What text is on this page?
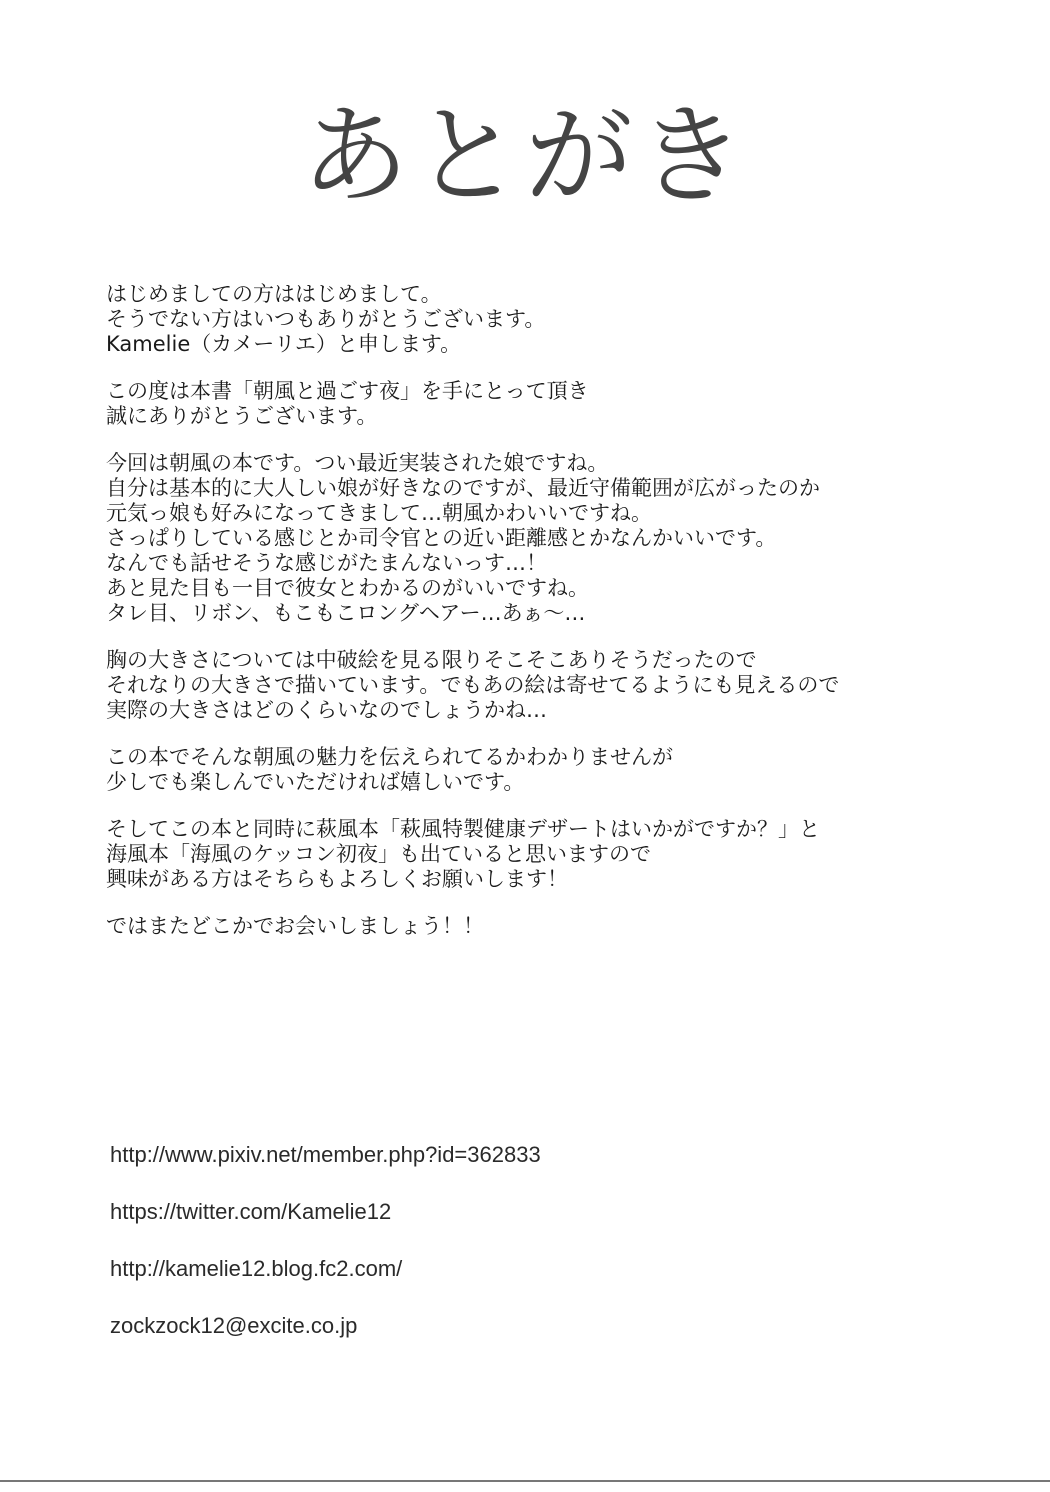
あとがき
はじめましての方ははじめまして。
そうでない方はいつもありがとうございます。
Kamelie（カメーリエ）と申します。
この度は本書「朝風と過ごす夜」を手にとって頂き
誠にありがとうございます。
今回は朝風の本です。つい最近実装された娘ですね。
自分は基本的に大人しい娘が好きなのですが、最近守備範囲が広がったのか
元気っ娘も好みになってきまして…朝風かわいいですね。
さっぱりしている感じとか司令官との近い距離感とかなんかいいです。
なんでも話せそうな感じがたまんないっす…！
あと見た目も一目で彼女とわかるのがいいですね。
タレ目、リボン、もこもこロングヘアー…あぁ～…
胸の大きさについては中破絵を見る限りそこそこありそうだったので
それなりの大きさで描いています。でもあの絵は寄せてるようにも見えるので
実際の大きさはどのくらいなのでしょうかね…
この本でそんな朝風の魅力を伝えられてるかわかりませんが
少しでも楽しんでいただければ嬉しいです。
そしてこの本と同時に萩風本「萩風特製健康デザートはいかがですか？」と
海風本「海風のケッコン初夜」も出ていると思いますので
興味がある方はそちらもよろしくお願いします！
ではまたどこかでお会いしましょう！！
http://www.pixiv.net/member.php?id=362833
https://twitter.com/Kamelie12
http://kamelie12.blog.fc2.com/
zockzock12@excite.co.jp
